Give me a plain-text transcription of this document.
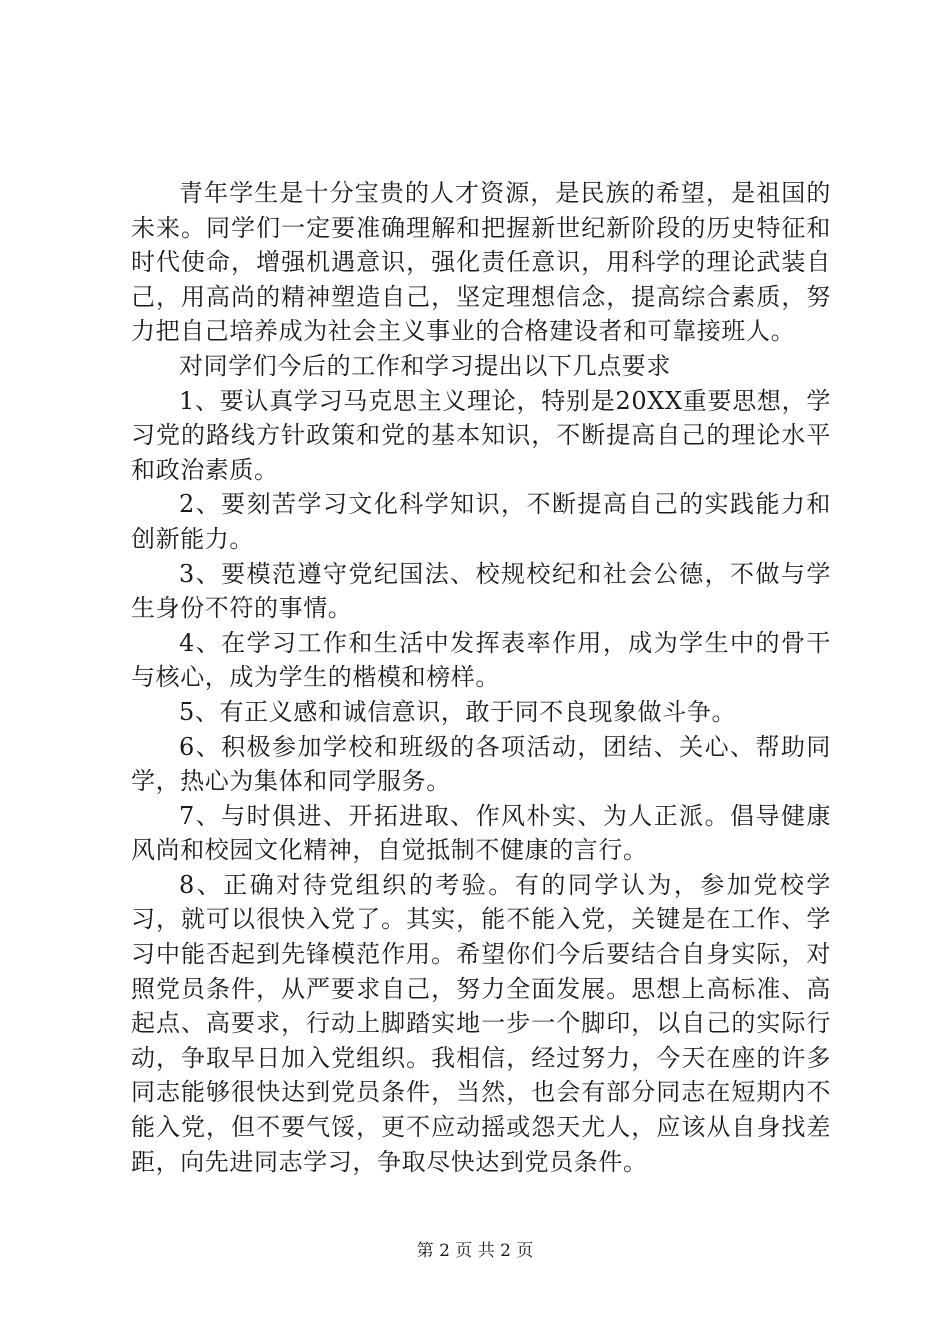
青年学生是十分宝贵的人才资源，是民族的希望，是祖国的未来。同学们一定要准确理解和把握新世纪新阶段的历史特征和时代使命，增强机遇意识，强化责任意识，用科学的理论武装自己，用高尚的精神塑造自己，坚定理想信念，提高综合素质，努力把自己培养成为社会主义事业的合格建设者和可靠接班人。

对同学们今后的工作和学习提出以下几点要求

1、要认真学习马克思主义理论，特别是20XX重要思想，学习党的路线方针政策和党的基本知识，不断提高自己的理论水平和政治素质。

2、要刻苦学习文化科学知识，不断提高自己的实践能力和创新能力。

3、要模范遵守党纪国法、校规校纪和社会公德，不做与学生身份不符的事情。

4、在学习工作和生活中发挥表率作用，成为学生中的骨干与核心，成为学生的楷模和榜样。

5、有正义感和诚信意识，敢于同不良现象做斗争。

6、积极参加学校和班级的各项活动，团结、关心、帮助同学，热心为集体和同学服务。

7、与时俱进、开拓进取、作风朴实、为人正派。倡导健康风尚和校园文化精神，自觉抵制不健康的言行。

8、正确对待党组织的考验。有的同学认为，参加党校学习，就可以很快入党了。其实，能不能入党，关键是在工作、学习中能否起到先锋模范作用。希望你们今后要结合自身实际，对照党员条件，从严要求自己，努力全面发展。思想上高标准、高起点、高要求，行动上脚踏实地一步一个脚印，以自己的实际行动，争取早日加入党组织。我相信，经过努力，今天在座的许多同志能够很快达到党员条件，当然，也会有部分同志在短期内不能入党，但不要气馁，更不应动摇或怨天尤人，应该从自身找差距，向先进同志学习，争取尽快达到党员条件。

第 2 页 共 2 页
